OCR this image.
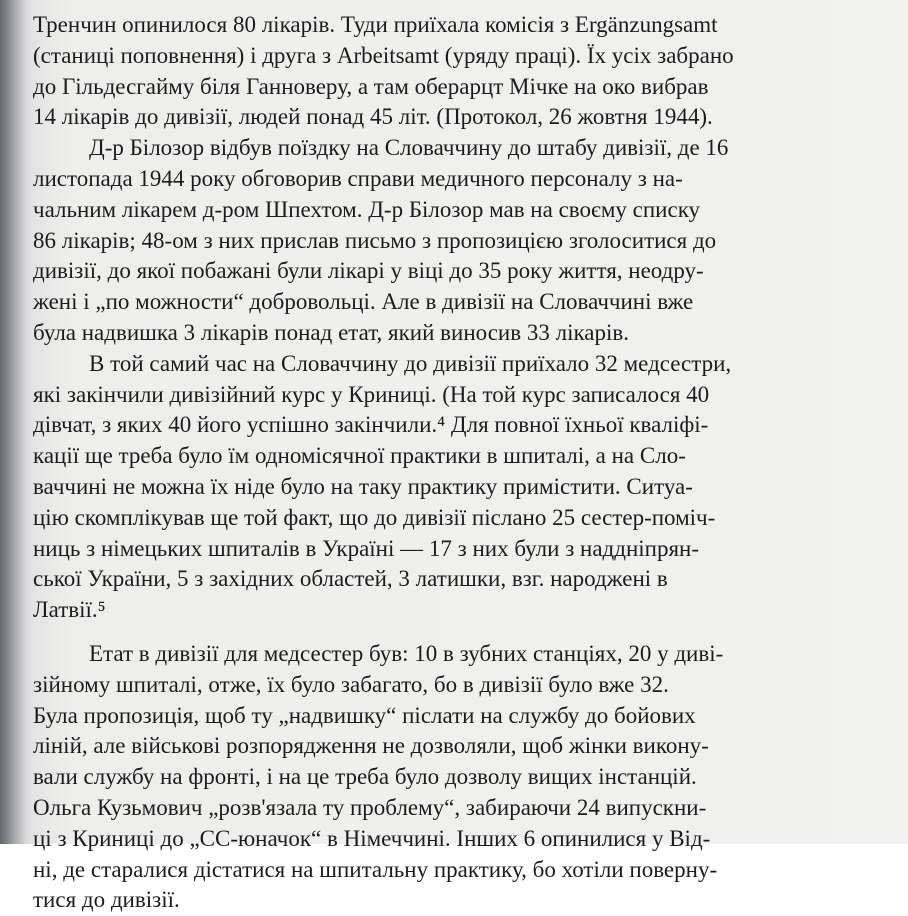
Тренчин опинилося 80 лікарів. Туди приїхала комісія з Ergänzungsamt
(станиці поповнення) і друга з Arbeitsamt (уряду праці). Їх усіх забрано
до Гільдесгайму біля Ганноверу, а там оберарцт Мічке на око вибрав
14 лікарів до дивізії, людей понад 45 літ. (Протокол, 26 жовтня 1944).
Д-р Білозор відбув поїздку на Словаччину до штабу дивізії, де 16
листопада 1944 року обговорив справи медичного персоналу з на-
чальним лікарем д-ром Шпехтом. Д-р Білозор мав на своєму списку
86 лікарів; 48-ом з них прислав письмо з пропозицією зголоситися до
дивізії, до якої побажані були лікарі у віці до 35 року життя, неодру-
жені і „по можности“ добровольці. Але в дивізії на Словаччині вже
була надвишка 3 лікарів понад етат, який виносив 33 лікарів.
В той самий час на Словаччину до дивізії приїхало 32 медсестри,
які закінчили дивізійний курс у Криниці. (На той курс записалося 40
дівчат, з яких 40 його успішно закінчили.⁴ Для повної їхньої кваліфі-
кації ще треба було їм одномісячної практики в шпиталі, а на Сло-
ваччині не можна їх ніде було на таку практику примістити. Ситуа-
цію скомплікував ще той факт, що до дивізії післано 25 сестер-поміч-
ниць з німецьких шпиталів в Україні — 17 з них були з наддніпрян-
ської України, 5 з західних областей, 3 латишки, взг. народжені в
Латвії.⁵
Етат в дивізії для медсестер був: 10 в зубних станціях, 20 у диві-
зійному шпиталі, отже, їх було забагато, бо в дивізії було вже 32.
Була пропозиція, щоб ту „надвишку“ післати на службу до бойових
ліній, але військові розпорядження не дозволяли, щоб жінки викону-
вали службу на фронті, і на це треба було дозволу вищих інстанцій.
Ольга Кузьмович „розв'язала ту проблему“, забираючи 24 випускни-
ці з Криниці до „СС-юначок“ в Німеччині. Інших 6 опинилися у Від-
ні, де старалися дістатися на шпитальну практику, бо хотіли поверну-
тися до дивізії.
